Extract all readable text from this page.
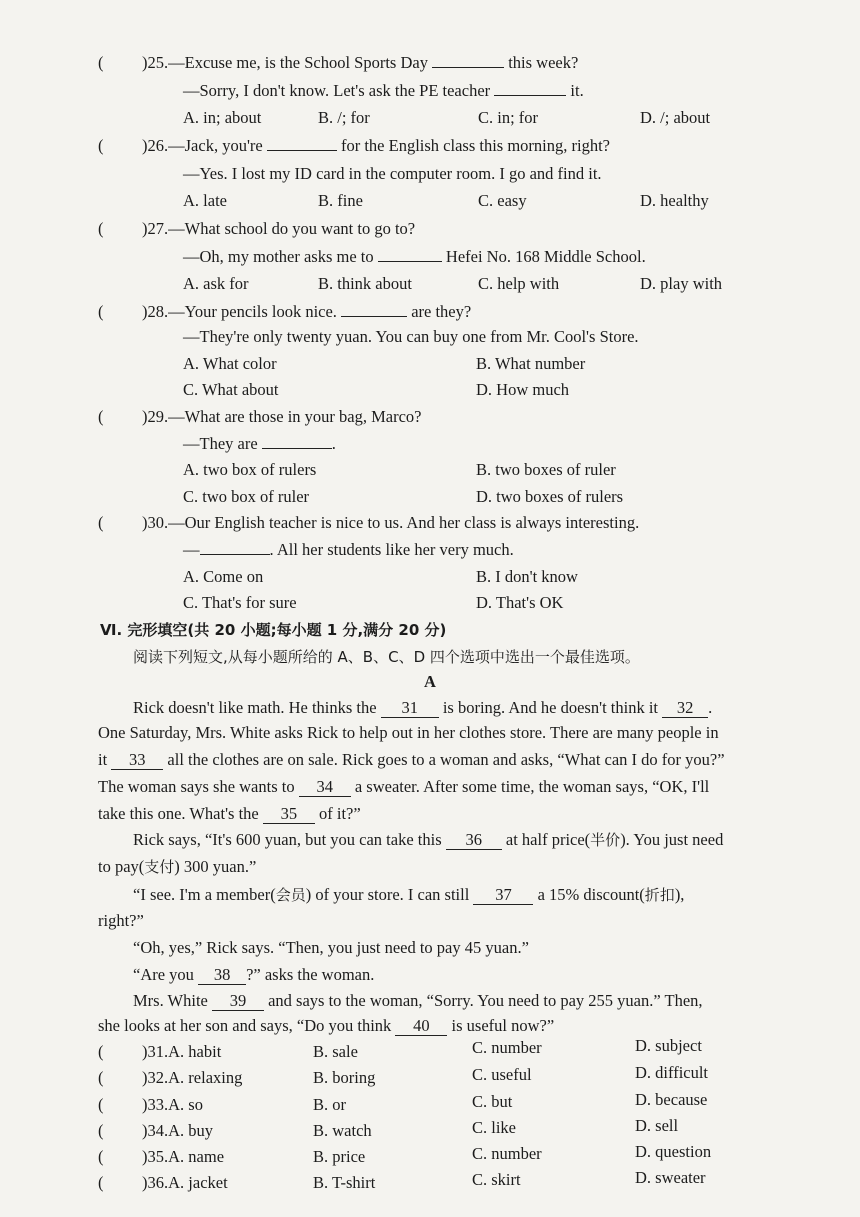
( )25.—Excuse me, is the School Sports Day	this week?
—Sorry, I don't know. Let's ask the PE teacher	it.
A. in; about	B. /; for	C. in; for	D. /; about
( )26.—Jack, you're	for the English class this morning, right?
—Yes. I lost my ID card in the computer room. I go and find it.
A. late	B. fine	C. easy	D. healthy
( )27.—What school do you want to go to?
—Oh, my mother asks me to	Hefei No. 168 Middle School.
A. ask for	B. think about	C. help with	D. play with
( )28.—Your pencils look nice.	are they?
—They're only twenty yuan. You can buy one from Mr. Cool's Store.
A. What color	B. What number
C. What about	D. How much
( )29.—What are those in your bag, Marco?
—They are	.
A. two box of rulers	B. two boxes of ruler
C. two box of ruler	D. two boxes of rulers
( )30.—Our English teacher is nice to us. And her class is always interesting.
—	. All her students like her very much.
A. Come on	B. I don't know
C. That's for sure	D. That's OK
Ⅵ. 完形填空(共 20 小题;每小题 1 分,满分 20 分)
阅读下列短文,从每小题所给的 A、B、C、D 四个选项中选出一个最佳选项。
A
Rick doesn't like math. He thinks the 31 is boring. And he doesn't think it 32 .
One Saturday, Mrs. White asks Rick to help out in her clothes store. There are many people in
it 33 all the clothes are on sale. Rick goes to a woman and asks, “What can I do for you?”
The woman says she wants to 34 a sweater. After some time, the woman says, “OK, I'll
take this one. What's the 35 of it?”
Rick says, “It's 600 yuan, but you can take this 36 at half price(半价). You just need
to pay(支付) 300 yuan.”
“I see. I'm a member(会员) of your store. I can still 37 a 15% discount(折扣),
right?”
“Oh, yes,” Rick says. “Then, you just need to pay 45 yuan.”
“Are you 38 ?” asks the woman.
Mrs. White 39 and says to the woman, “Sorry. You need to pay 255 yuan.” Then,
she looks at her son and says, “Do you think 40 is useful now?”
( )31.A. habit	B. sale	C. number	D. subject
( )32.A. relaxing	B. boring	C. useful	D. difficult
( )33.A. so	B. or	C. but	D. because
( )34.A. buy	B. watch	C. like	D. sell
( )35.A. name	B. price	C. number	D. question
( )36.A. jacket	B. T-shirt	C. skirt	D. sweater
